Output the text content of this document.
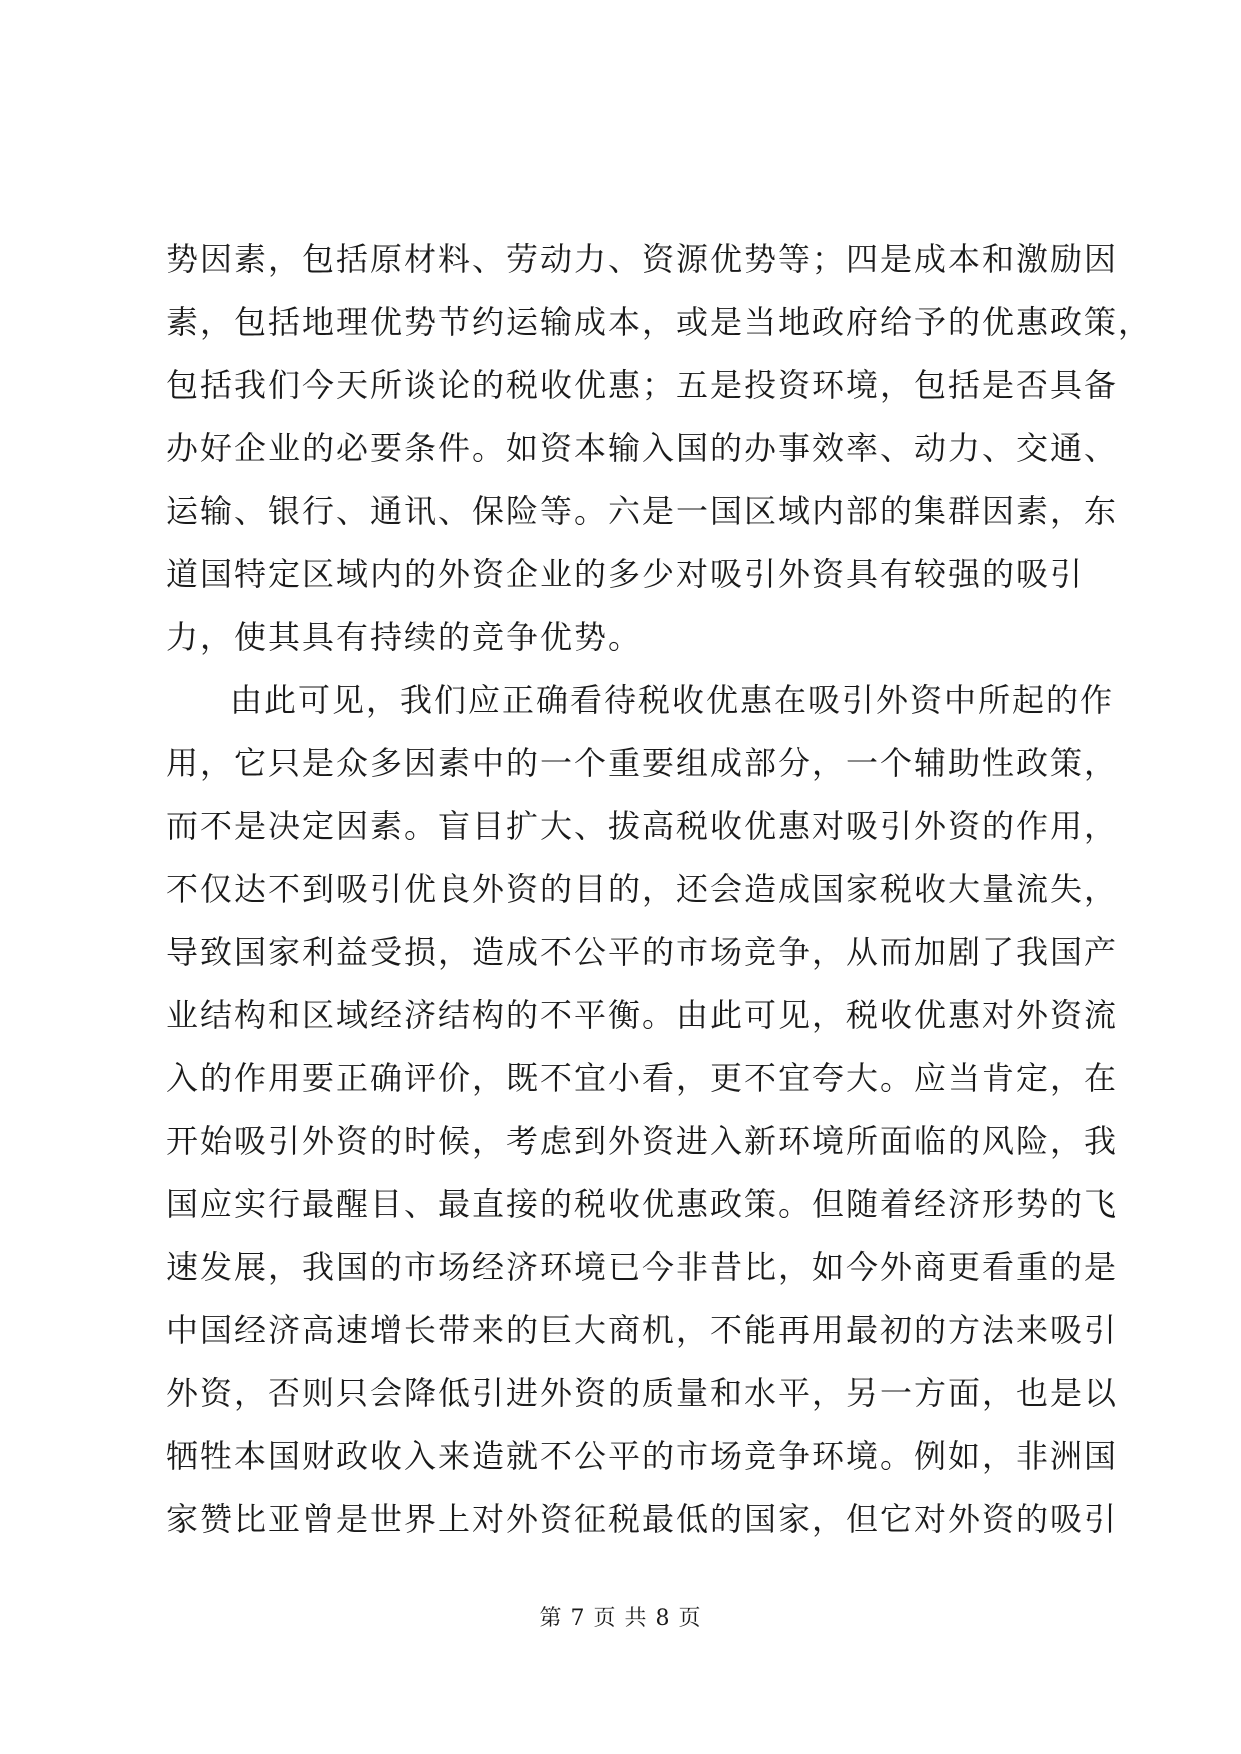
势因素，包括原材料、劳动力、资源优势等；四是成本和激励因
素，包括地理优势节约运输成本，或是当地政府给予的优惠政策，
包括我们今天所谈论的税收优惠；五是投资环境，包括是否具备
办好企业的必要条件。如资本输入国的办事效率、动力、交通、
运输、银行、通讯、保险等。六是一国区域内部的集群因素，东
道国特定区域内的外资企业的多少对吸引外资具有较强的吸引
力，使其具有持续的竞争优势。
由此可见，我们应正确看待税收优惠在吸引外资中所起的作
用，它只是众多因素中的一个重要组成部分，一个辅助性政策，
而不是决定因素。盲目扩大、拔高税收优惠对吸引外资的作用，
不仅达不到吸引优良外资的目的，还会造成国家税收大量流失，
导致国家利益受损，造成不公平的市场竞争，从而加剧了我国产
业结构和区域经济结构的不平衡。由此可见，税收优惠对外资流
入的作用要正确评价，既不宜小看，更不宜夸大。应当肯定，在
开始吸引外资的时候，考虑到外资进入新环境所面临的风险，我
国应实行最醒目、最直接的税收优惠政策。但随着经济形势的飞
速发展，我国的市场经济环境已今非昔比，如今外商更看重的是
中国经济高速增长带来的巨大商机，不能再用最初的方法来吸引
外资，否则只会降低引进外资的质量和水平，另一方面，也是以
牺牲本国财政收入来造就不公平的市场竞争环境。例如，非洲国
家赞比亚曾是世界上对外资征税最低的国家，但它对外资的吸引
第 7 页 共 8 页
